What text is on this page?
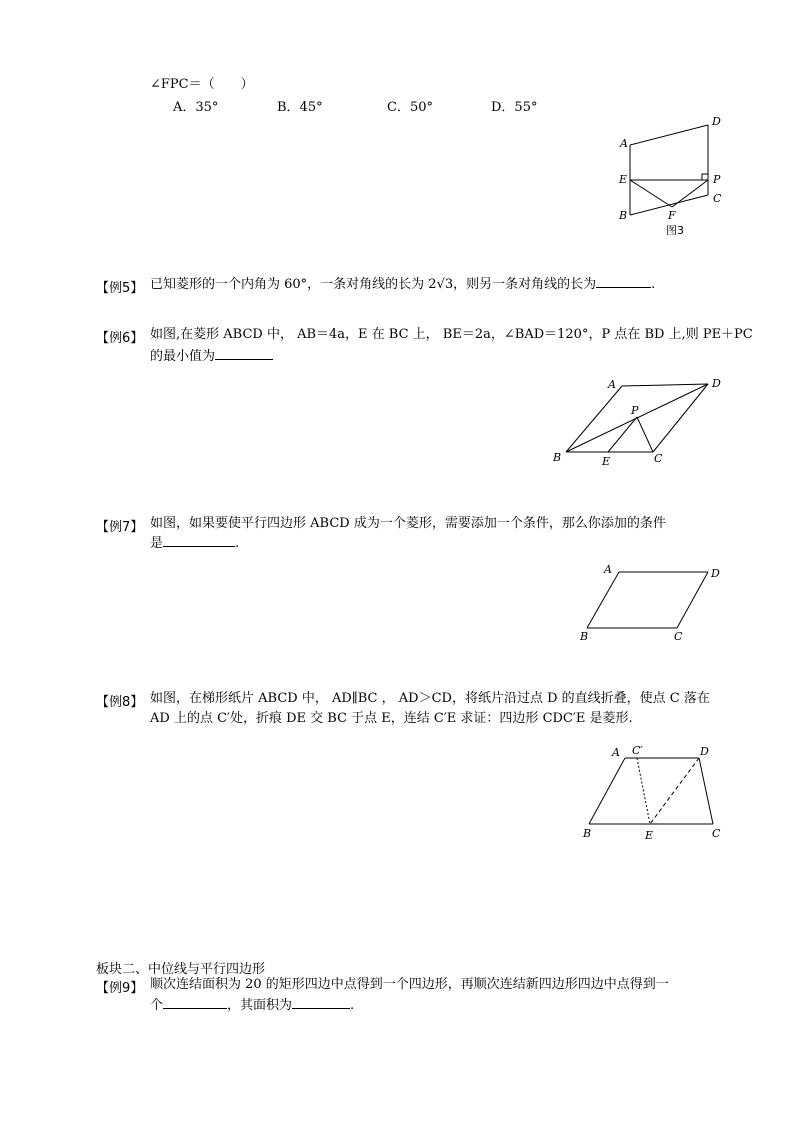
∠FPC＝（　　）
A．35°	B．45°	C．50°	D．55°
A
D
E	P
C
B	F
图3
【例5】 已知菱形的一个内角为 60°，一条对角线的长为 2√3，则另一条对角线的长为	.
【例6】 如图,在菱形 ABCD 中， AB＝4a，E 在 BC 上， BE＝2a，∠BAD＝120°，P 点在 BD 上,则 PE＋PC
的最小值为
A	D
P
B	E	C
【例7】 如图，如果要使平行四边形 ABCD 成为一个菱形，需要添加一个条件，那么你添加的条件
是	.
A	D
B	C
【例8】 如图，在梯形纸片 ABCD 中， AD∥BC ， AD＞CD，将纸片沿过点 D 的直线折叠，使点 C 落在
AD 上的点 C′处，折痕 DE 交 BC 于点 E，连结 C′E 求证：四边形 CDC′E 是菱形.
A C′	D
B	E	C
板块二、中位线与平行四边形
【例9】 顺次连结面积为 20 的矩形四边中点得到一个四边形，再顺次连结新四边形四边中点得到一
个	，其面积为	.
